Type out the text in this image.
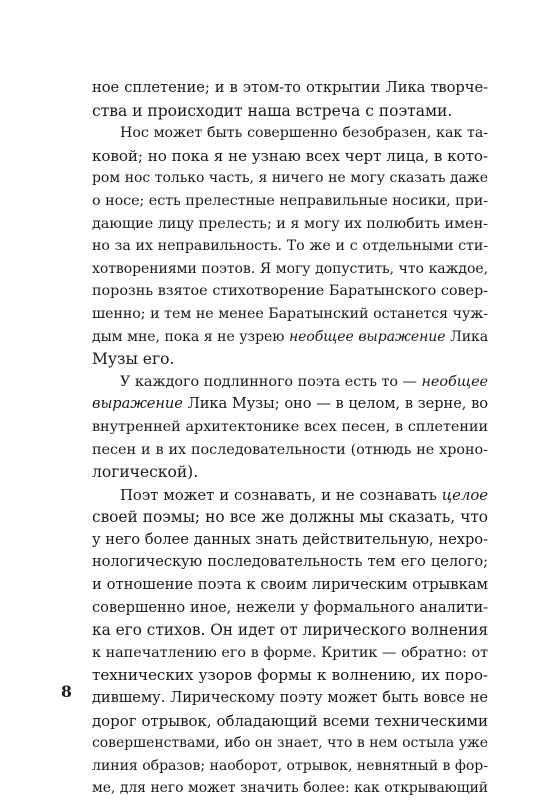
ное сплетение; и в этом-то открытии Лика творче-
ства и происходит наша встреча с поэтами.
Нос может быть совершенно безобразен, как та-
ковой; но пока я не узнаю всех черт лица, в кото-
ром нос только часть, я ничего не могу сказать даже
о носе; есть прелестные неправильные носики, при-
дающие лицу прелесть; и я могу их полюбить имен-
но за их неправильность. То же и с отдельными сти-
хотворениями поэтов. Я могу допустить, что каждое,
порознь взятое стихотворение Баратынского совер-
шенно; и тем не менее Баратынский останется чуж-
дым мне, пока я не узрею необщее выражение Лика
Музы его.
У каждого подлинного поэта есть то — необщее
выражение Лика Музы; оно — в целом, в зерне, во
внутренней архитектонике всех песен, в сплетении
песен и в их последовательности (отнюдь не хроно-
логической).
Поэт может и сознавать, и не сознавать целое
своей поэмы; но все же должны мы сказать, что
у него более данных знать действительную, нехро-
нологическую последовательность тем его целого;
и отношение поэта к своим лирическим отрывкам
совершенно иное, нежели у формального аналити-
ка его стихов. Он идет от лирического волнения
к напечатлению его в форме. Критик — обратно: от
технических узоров формы к волнению, их поро-
дившему. Лирическому поэту может быть вовсе не
дорог отрывок, обладающий всеми техническими
совершенствами, ибо он знает, что в нем остыла уже
линия образов; наоборот, отрывок, невнятный в фор-
ме, для него может значить более: как открывающий
8
